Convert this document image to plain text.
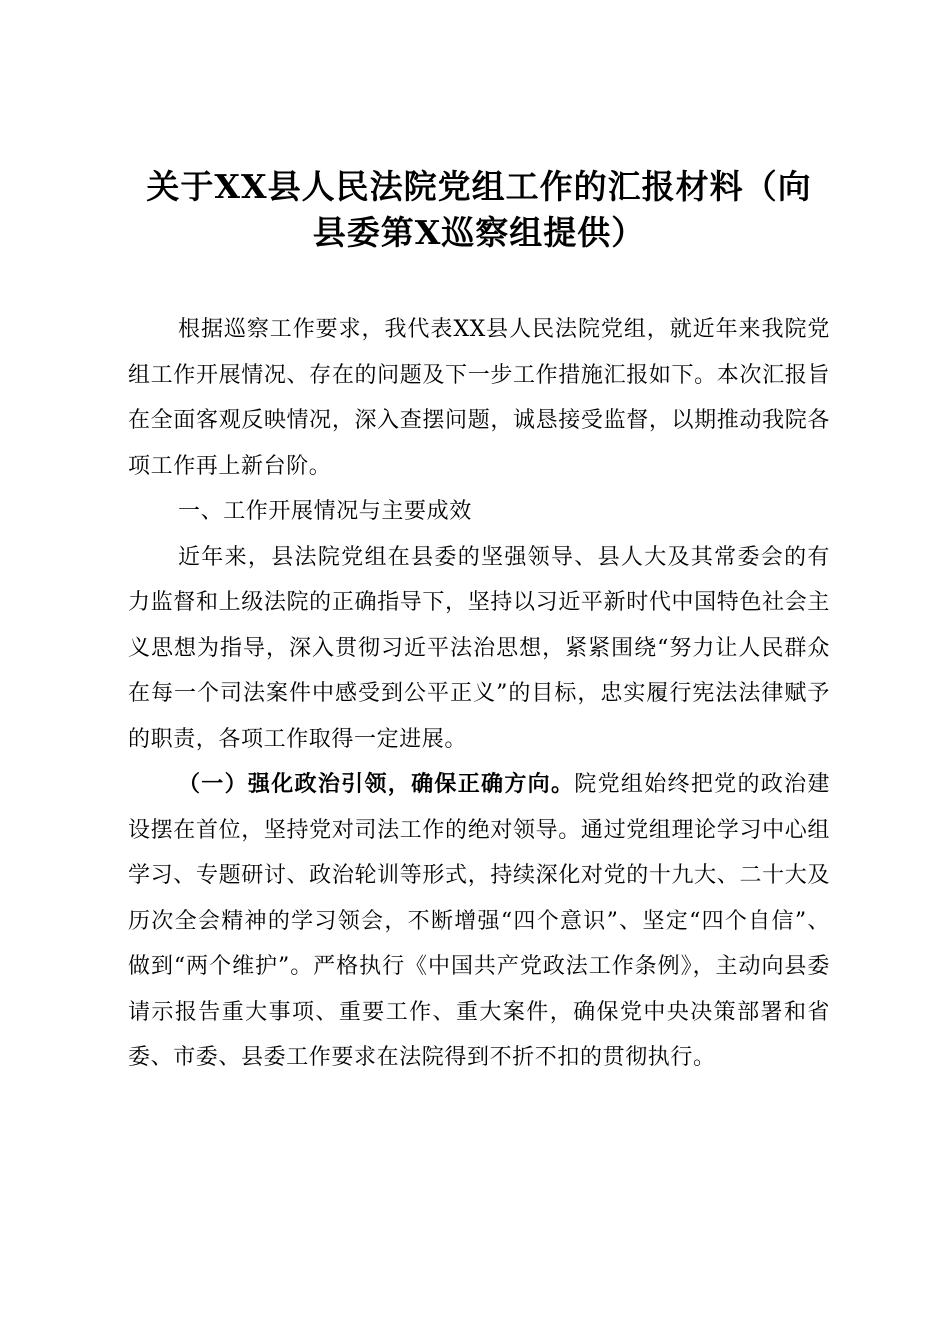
关于XX县人民法院党组工作的汇报材料（向
县委第X巡察组提供）

根据巡察工作要求，我代表XX县人民法院党组，就近年来我院党组工作开展情况、存在的问题及下一步工作措施汇报如下。本次汇报旨在全面客观反映情况，深入查摆问题，诚恳接受监督，以期推动我院各项工作再上新台阶。

一、工作开展情况与主要成效

近年来，县法院党组在县委的坚强领导、县人大及其常委会的有力监督和上级法院的正确指导下，坚持以习近平新时代中国特色社会主义思想为指导，深入贯彻习近平法治思想，紧紧围绕“努力让人民群众在每一个司法案件中感受到公平正义”的目标，忠实履行宪法法律赋予的职责，各项工作取得一定进展。

（一）强化政治引领，确保正确方向。院党组始终把党的政治建设摆在首位，坚持党对司法工作的绝对领导。通过党组理论学习中心组学习、专题研讨、政治轮训等形式，持续深化对党的十九大、二十大及历次全会精神的学习领会，不断增强“四个意识”、坚定“四个自信”、做到“两个维护”。严格执行《中国共产党政法工作条例》，主动向县委请示报告重大事项、重要工作、重大案件，确保党中央决策部署和省委、市委、县委工作要求在法院得到不折不扣的贯彻执行。
